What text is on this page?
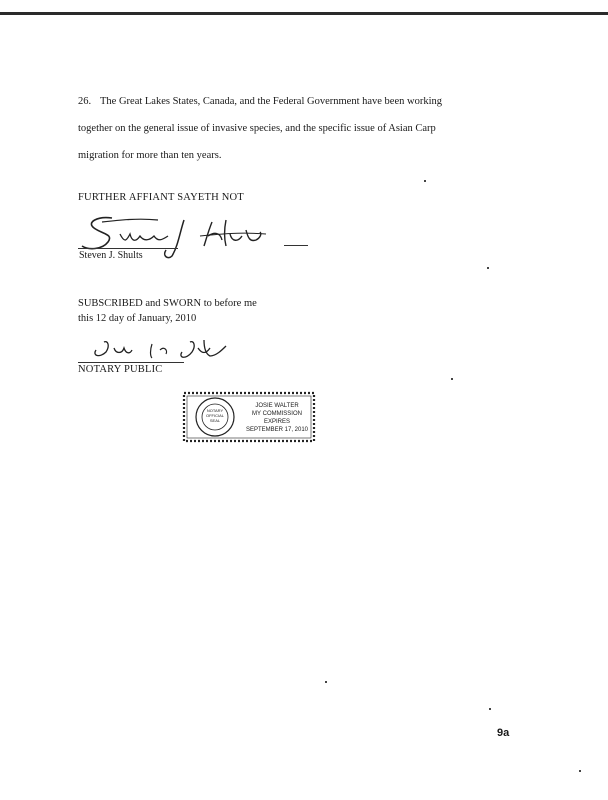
26. The Great Lakes States, Canada, and the Federal Government have been working

together on the general issue of invasive species, and the specific issue of Asian Carp

migration for more than ten years.

FURTHER AFFIANT SAYETH NOT
Steven J. Shults
SUBSCRIBED and SWORN to before me
this 12 day of January, 2010
NOTARY PUBLIC
NOTARY
OFFICIAL
SEAL
JOSIE WALTER
MY COMMISSION EXPIRES
SEPTEMBER 17, 2010
9a
